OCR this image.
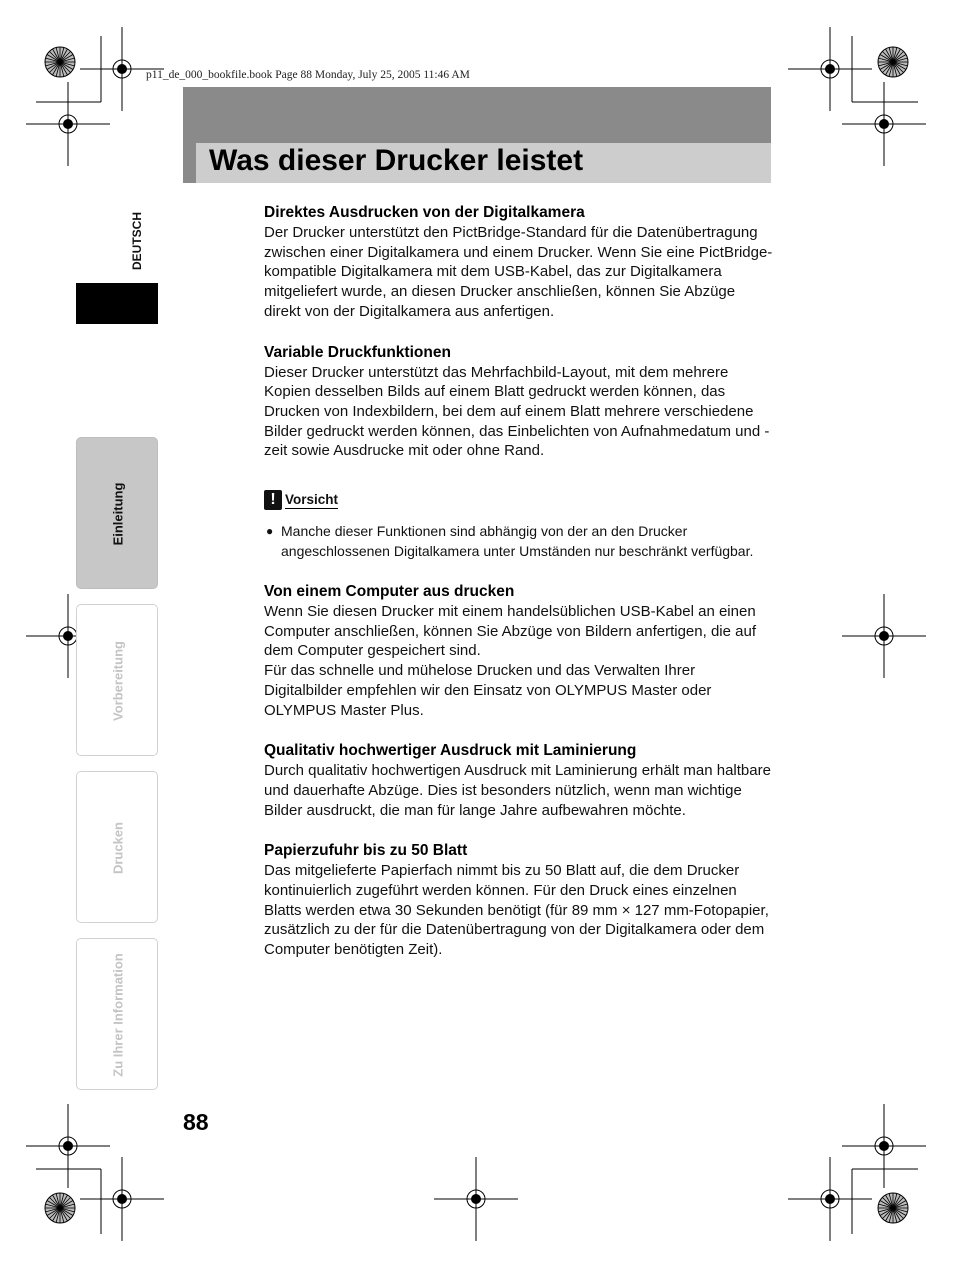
p11_de_000_bookfile.book Page 88 Monday, July 25, 2005 11:46 AM
Was dieser Drucker leistet
DEUTSCH
Einleitung
Vorbereitung
Drucken
Zu Ihrer Information
Direktes Ausdrucken von der Digitalkamera

Der Drucker unterstützt den PictBridge-Standard für die Datenübertragung zwischen einer Digitalkamera und einem Drucker. Wenn Sie eine PictBridge-kompatible Digitalkamera mit dem USB-Kabel, das zur Digitalkamera mitgeliefert wurde, an diesen Drucker anschließen, können Sie Abzüge direkt von der Digitalkamera aus anfertigen.

Variable Druckfunktionen

Dieser Drucker unterstützt das Mehrfachbild-Layout, mit dem mehrere Kopien desselben Bilds auf einem Blatt gedruckt werden können, das Drucken von Indexbildern, bei dem auf einem Blatt mehrere verschiedene Bilder gedruckt werden können, das Einbelichten von Aufnahmedatum und -zeit sowie Ausdrucke mit oder ohne Rand.

! Vorsicht
● Manche dieser Funktionen sind abhängig von der an den Drucker angeschlossenen Digitalkamera unter Umständen nur beschränkt verfügbar.
Von einem Computer aus drucken

Wenn Sie diesen Drucker mit einem handelsüblichen USB-Kabel an einen Computer anschließen, können Sie Abzüge von Bildern anfertigen, die auf dem Computer gespeichert sind.

Für das schnelle und mühelose Drucken und das Verwalten Ihrer Digitalbilder empfehlen wir den Einsatz von OLYMPUS Master oder OLYMPUS Master Plus.

Qualitativ hochwertiger Ausdruck mit Laminierung

Durch qualitativ hochwertigen Ausdruck mit Laminierung erhält man haltbare und dauerhafte Abzüge. Dies ist besonders nützlich, wenn man wichtige Bilder ausdruckt, die man für lange Jahre aufbewahren möchte.

Papierzufuhr bis zu 50 Blatt

Das mitgelieferte Papierfach nimmt bis zu 50 Blatt auf, die dem Drucker kontinuierlich zugeführt werden können. Für den Druck eines einzelnen Blatts werden etwa 30 Sekunden benötigt (für 89 mm × 127 mm-Fotopapier, zusätzlich zu der für die Datenübertragung von der Digitalkamera oder dem Computer benötigten Zeit).

88
